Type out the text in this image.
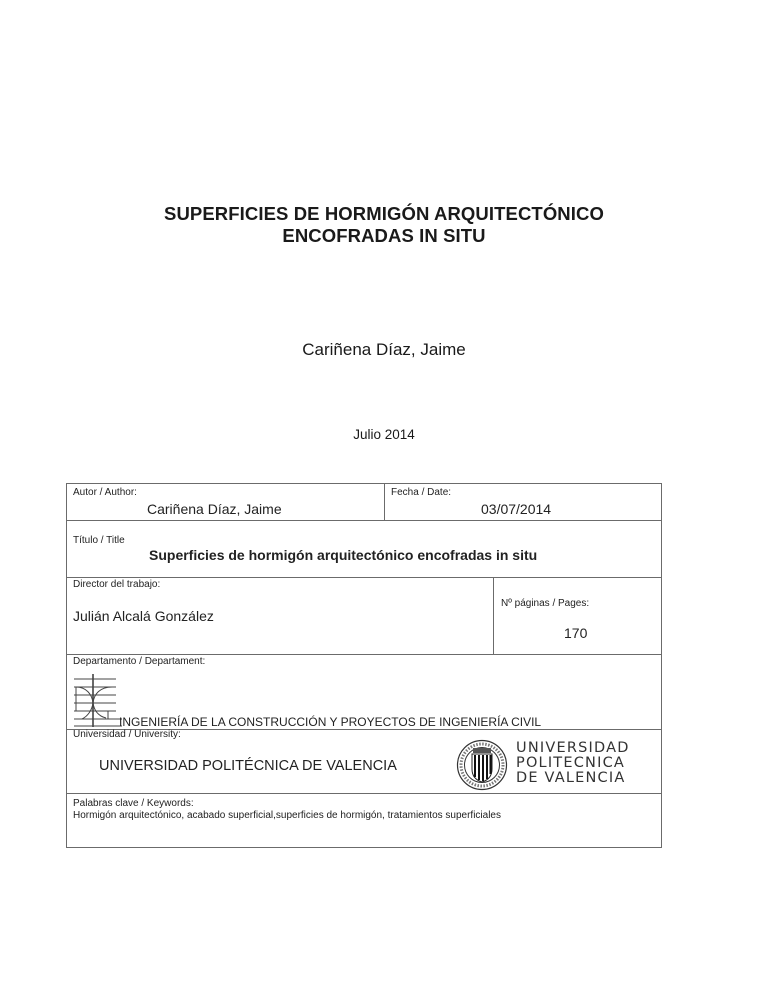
SUPERFICIES DE HORMIGÓN ARQUITECTÓNICO
ENCOFRADAS IN SITU
Cariñena Díaz, Jaime
Julio 2014
Autor / Author:
Cariñena Díaz, Jaime
Fecha / Date:
03/07/2014
Título / Title
Superficies de hormigón arquitectónico encofradas in situ
Director del trabajo:
Julián Alcalá González
Nº páginas / Pages:
170
Departamento / Departament:
INGENIERÍA DE LA CONSTRUCCIÓN Y PROYECTOS DE INGENIERÍA CIVIL
Universidad / University:
UNIVERSIDAD POLITÉCNICA DE VALENCIA
UNIVERSIDAD
POLITECNICA
DE VALENCIA
Palabras clave / Keywords:
Hormigón arquitectónico, acabado superficial,superficies de hormigón, tratamientos superficiales
